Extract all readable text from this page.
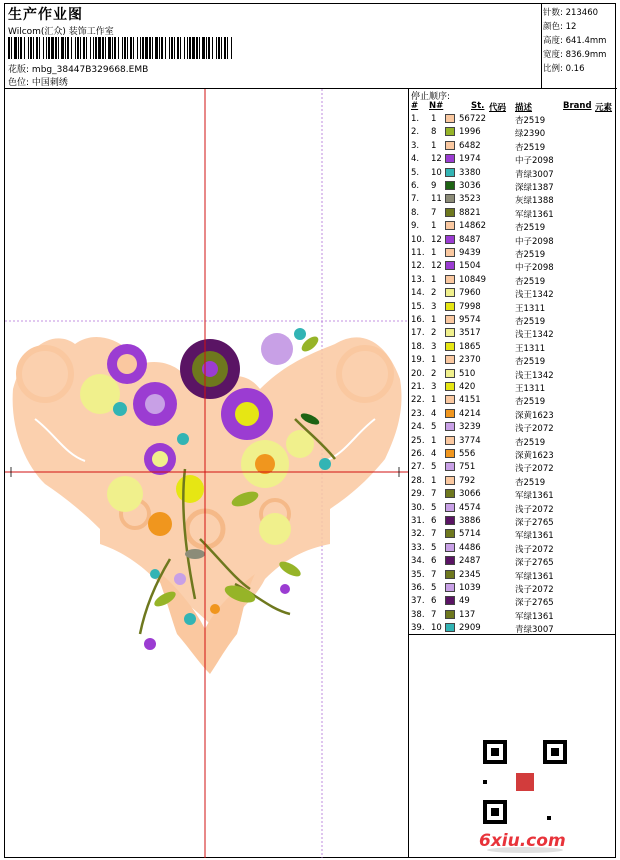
生产作业图
Wilcom(汇众) 装饰工作室
花版: mbg_38447B329668.EMB
色位: 中国刺绣
针数: 213460
颜色: 12
高度: 641.4mm
宽度: 836.9mm
比例: 0.16
停止顺序:
# N#	St. 代码 描述	Brand 元素
1. 1	56722	杏2519
2. 8	1996	绿2390
3. 1	6482	杏2519
4. 12 1974	中子2098
5. 10 3380	青绿3007
6. 9	3036	深绿1387
7. 11 3523	灰绿1388
8. 7	8821	军绿1361
9. 1	14862	杏2519
10. 12 8487	中子2098
11. 1	9439	杏2519
12. 12 1504	中子2098
13. 1	10849	杏2519
14. 2	7960	浅王1342
15. 3	7998	王1311
16. 1	9574	杏2519
17. 2	3517	浅王1342
18. 3	1865	王1311
19. 1	2370	杏2519
20. 2	510	浅王1342
21. 3	420	王1311
22. 1	4151	杏2519
23. 4	4214	深黄1623
24. 5	3239	浅子2072
25. 1	3774	杏2519
26. 4	556	深黄1623
27. 5	751	浅子2072
28. 1	792	杏2519
29. 7	3066	军绿1361
30. 5	4574	浅子2072
31. 6	3886	深子2765
32. 7	5714	军绿1361
33. 5	4486	浅子2072
34. 6	2487	深子2765
35. 7	2345	军绿1361
36. 5	1039	浅子2072
37. 6	49	深子2765
38. 7	137	军绿1361
39. 10 2909	青绿3007
6xiu.com
